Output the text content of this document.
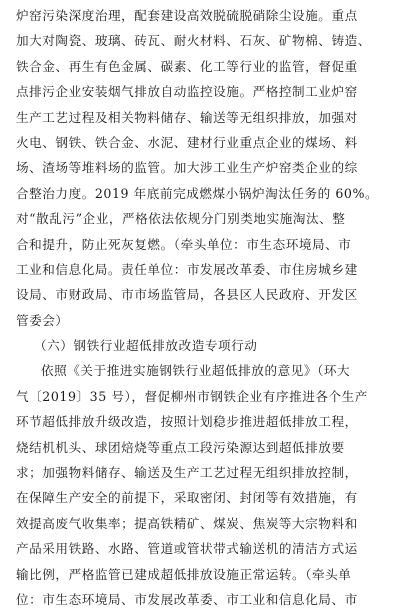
炉窑污染深度治理，配套建设高效脱硫脱硝除尘设施。重点
加大对陶瓷、玻璃、砖瓦、耐火材料、石灰、矿物棉、铸造、
铁合金、再生有色金属、碳素、化工等行业的监管，督促重
点排污企业安装烟气排放自动监控设施。严格控制工业炉窑
生产工艺过程及相关物料储存、输送等无组织排放，加强对
火电、钢铁、铁合金、水泥、建材行业重点企业的煤场、料
场、渣场等堆料场的监管。加大涉工业生产炉窑类企业的综
合整治力度。2019 年底前完成燃煤小锅炉淘汰任务的 60%。
对“散乱污”企业，严格依法依规分门别类地实施淘汰、整
合和提升，防止死灰复燃。（牵头单位：市生态环境局、市
工业和信息化局。责任单位：市发展改革委、市住房城乡建
设局、市财政局、市市场监管局，各县区人民政府、开发区
管委会）
（六）钢铁行业超低排放改造专项行动
依照《关于推进实施钢铁行业超低排放的意见》（环大
气〔2019〕35 号），督促柳州市钢铁企业有序推进各个生产
环节超低排放升级改造，按照计划稳步推进超低排放工程，
烧结机机头、球团焙烧等重点工段污染源达到超低排放要
求；加强物料储存、输送及生产工艺过程无组织排放控制，
在保障生产安全的前提下，采取密闭、封闭等有效措施，有
效提高废气收集率；提高铁精矿、煤炭、焦炭等大宗物料和
产品采用铁路、水路、管道或管状带式输送机的清洁方式运
输比例，严格监管已建成超低排放设施正常运转。（牵头单
位：市生态环境局、市发展改革委、市工业和信息化局、市
